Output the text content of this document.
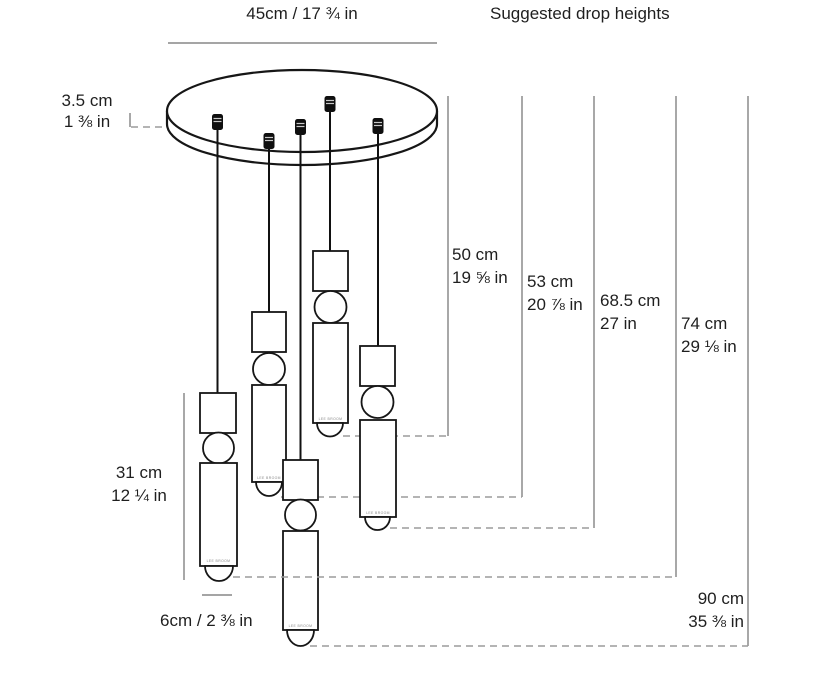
LEE BROOM
LEE BROOM
LEE BROOM
LEE BROOM
LEE BROOM
45cm / 17 ¾ in	Suggested drop heights
3.5 cm
1 ⅜ in
50 cm
19 ⅝ in 53 cm
20 ⅞ in 68.5 cm
27 in	74 cm
29 ⅛ in
90 cm
35 ⅜ in
31 cm
12 ¼ in
6cm / 2 ⅜ in
